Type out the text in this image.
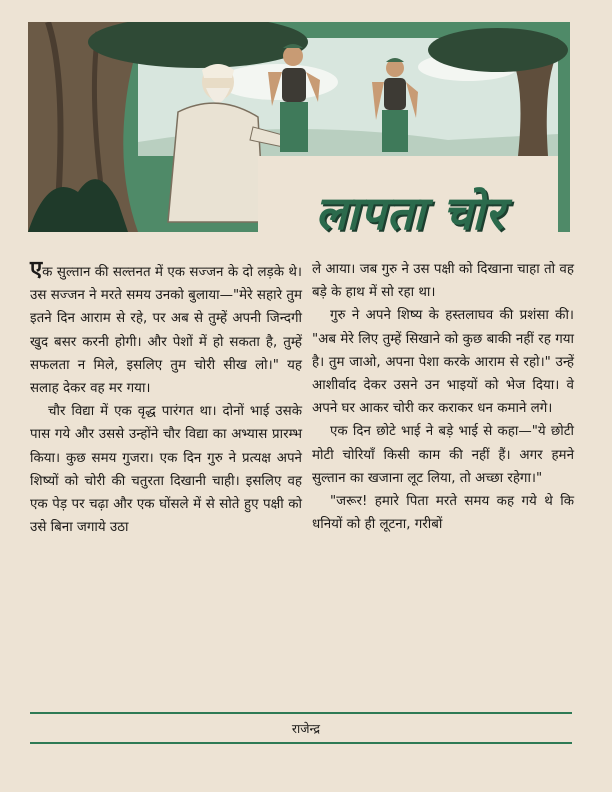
लापता चोर

एक सुल्तान की सल्तनत में एक सज्जन के दो लड़के थे। उस सज्जन ने मरते समय उनको बुलाया—"मेरे सहारे तुम इतने दिन आराम से रहे, पर अब से तुम्हें अपनी जिन्दगी खुद बसर करनी होगी। और पेशों में हो सकता है, तुम्हें सफलता न मिले, इसलिए तुम चोरी सीख लो।" यह सलाह देकर वह मर गया।

चौर विद्या में एक वृद्ध पारंगत था। दोनों भाई उसके पास गये और उससे उन्होंने चौर विद्या का अभ्यास प्रारम्भ किया। कुछ समय गुजरा। एक दिन गुरु ने प्रत्यक्ष अपने शिष्यों को चोरी की चतुरता दिखानी चाही। इसलिए वह एक पेड़ पर चढ़ा और एक घोंसले में से सोते हुए पक्षी को उसे बिना जगाये उठा

ले आया। जब गुरु ने उस पक्षी को दिखाना चाहा तो वह बड़े के हाथ में सो रहा था।

गुरु ने अपने शिष्य के हस्तलाघव की प्रशंसा की। "अब मेरे लिए तुम्हें सिखाने को कुछ बाकी नहीं रह गया है। तुम जाओ, अपना पेशा करके आराम से रहो।" उन्हें आशीर्वाद देकर उसने उन भाइयों को भेज दिया। वे अपने घर आकर चोरी कर कराकर धन कमाने लगे।

एक दिन छोटे भाई ने बड़े भाई से कहा—"ये छोटी मोटी चोरियाँ किसी काम की नहीं हैं। अगर हमने सुल्तान का खजाना लूट लिया, तो अच्छा रहेगा।"

"जरूर! हमारे पिता मरते समय कह गये थे कि धनियों को ही लूटना, गरीबों

राजेन्द्र
